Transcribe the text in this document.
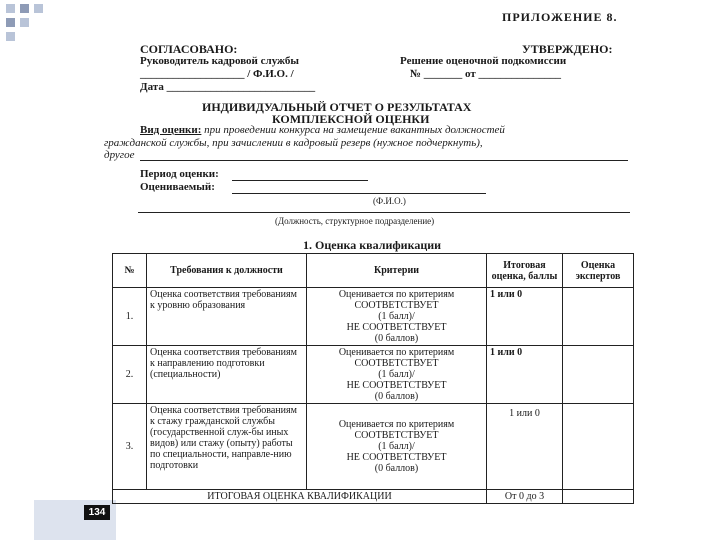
134
ПРИЛОЖЕНИЕ 8.
СОГЛАСОВАНО:
Руководитель кадровой службы
___________________ / Ф.И.О. /
Дата ___________________________
УТВЕРЖДЕНО:
Решение оценочной подкомиссии
№ _______ от _______________
ИНДИВИДУАЛЬНЫЙ ОТЧЕТ О РЕЗУЛЬТАТАХ
КОМПЛЕКСНОЙ ОЦЕНКИ
Вид оценки: при проведении конкурса на замещение вакантных должностей
гражданской службы, при зачислении в кадровый резерв (нужное подчеркнуть),
другое
Период оценки:
Оцениваемый:
(Ф.И.О.)
(Должность, структурное подразделение)
1. Оценка квалификации
№	Требования к должности	Критерии	Итоговая оценка, баллы	Оценка экспертов
1.	Оценка соответствия требованиям к уровню образования	Оценивается по критериям
СООТВЕТСТВУЕТ
(1 балл)/
НЕ СООТВЕТСТВУЕТ
(0 баллов)	1 или 0	
2.	Оценка соответствия требованиям к направлению подготовки (специальности)	Оценивается по критериям
СООТВЕТСТВУЕТ
(1 балл)/
НЕ СООТВЕТСТВУЕТ
(0 баллов)	1 или 0	
3.	Оценка соответствия требованиям к стажу гражданской службы (государственной служ-бы иных видов) или стажу (опыту) работы по специальности, направле-нию подготовки	Оценивается по критериям
СООТВЕТСТВУЕТ
(1 балл)/
НЕ СООТВЕТСТВУЕТ
(0 баллов)	1 или 0	
ИТОГОВАЯ ОЦЕНКА КВАЛИФИКАЦИИ			От 0 до 3	
